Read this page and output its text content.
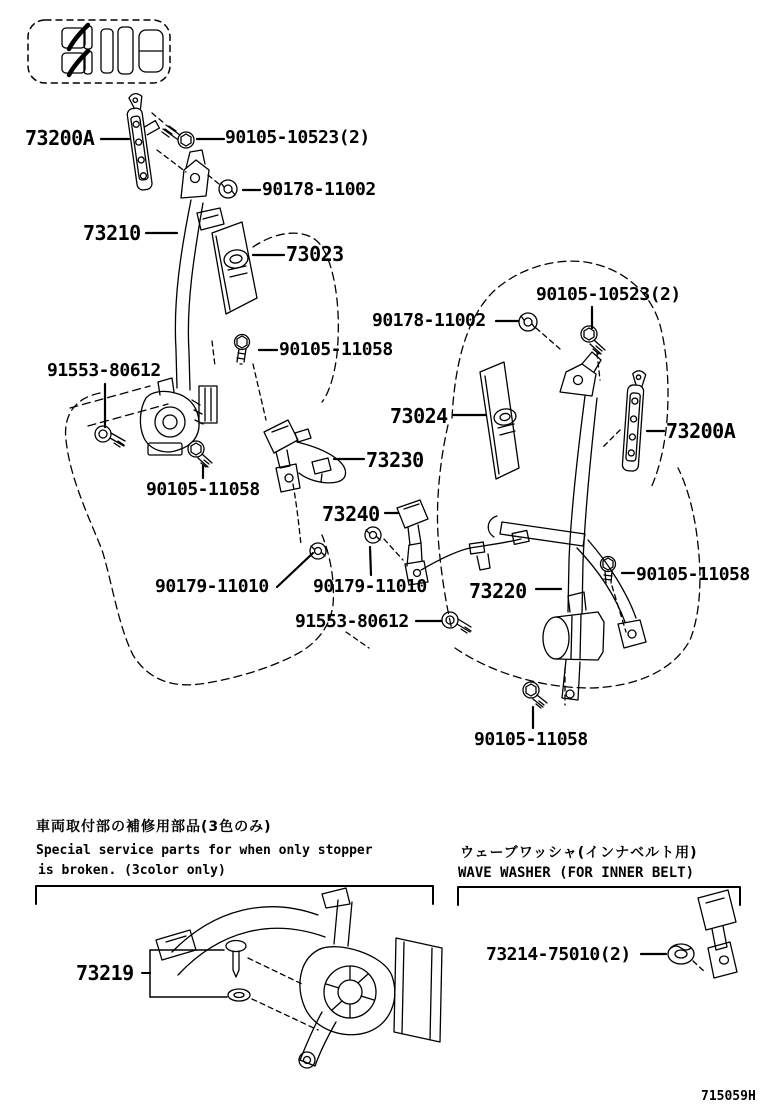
73200A	90105-10523(2)
90178-11002
73210
73023
90105-10523(2)
90178-11002
90105-11058
91553-80612
73024
73200A
73230
90105-11058
73240
90179-11010 90179-11010 73220
90105-11058
91553-80612
90105-11058
車両取付部の補修用部品(3色のみ)
Special service parts for when only stopper
is broken. (3color only)
73219
ウェーブワッシャ(インナベルト用)
WAVE WASHER (FOR INNER BELT)
73214-75010(2)
715059H
